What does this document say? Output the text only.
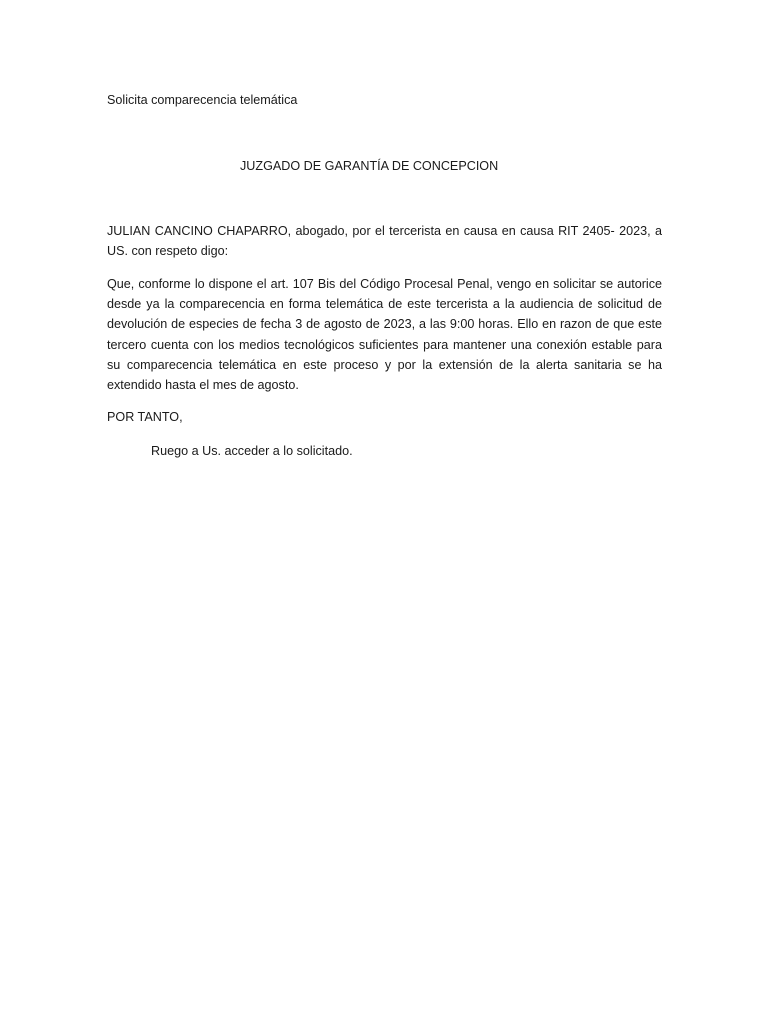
Solicita comparecencia telemática
JUZGADO DE GARANTÍA DE CONCEPCION

JULIAN CANCINO CHAPARRO, abogado, por el tercerista en causa en causa RIT 2405- 2023, a US. con respeto digo:

Que, conforme lo dispone el art. 107 Bis del Código Procesal Penal, vengo en solicitar se autorice desde ya la comparecencia en forma telemática de este tercerista a la audiencia de solicitud de devolución de especies de fecha 3 de agosto de 2023, a las 9:00 horas. Ello en razon de que este tercero cuenta con los medios tecnológicos suficientes para mantener una conexión estable para su comparecencia telemática en este proceso y por la extensión de la alerta sanitaria se ha extendido hasta el mes de agosto.

POR TANTO,
Ruego a Us. acceder a lo solicitado.
